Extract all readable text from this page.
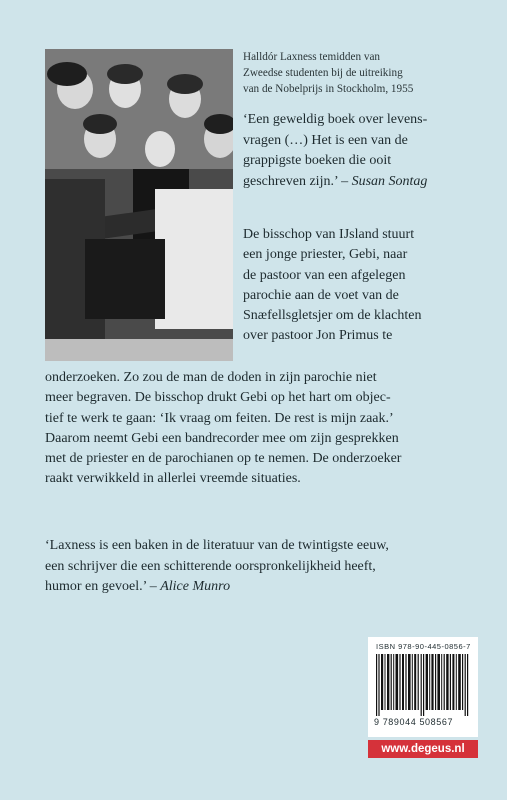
Halldór Laxness temidden van
Zweedse studenten bij de uitreiking
van de Nobelprijs in Stockholm, 1955
‘Een geweldig boek over levens-
vragen (…) Het is een van de
grappigste boeken die ooit
geschreven zijn.’ – Susan Sontag
De bisschop van IJsland stuurt
een jonge priester, Gebi, naar
de pastoor van een afgelegen
parochie aan de voet van de
Snæfellsgletsjer om de klachten
over pastoor Jon Primus te
onderzoeken. Zo zou de man de doden in zijn parochie niet
meer begraven. De bisschop drukt Gebi op het hart om objec-
tief te werk te gaan: ‘Ik vraag om feiten. De rest is mijn zaak.’
Daarom neemt Gebi een bandrecorder mee om zijn gesprekken
met de priester en de parochianen op te nemen. De onderzoeker
raakt verwikkeld in allerlei vreemde situaties.
‘Laxness is een baken in de literatuur van de twintigste eeuw,
een schrijver die een schitterende oorspronkelijkheid heeft,
humor en gevoel.’ – Alice Munro
ISBN 978-90-445-0856-7
9 789044 508567
www.degeus.nl
